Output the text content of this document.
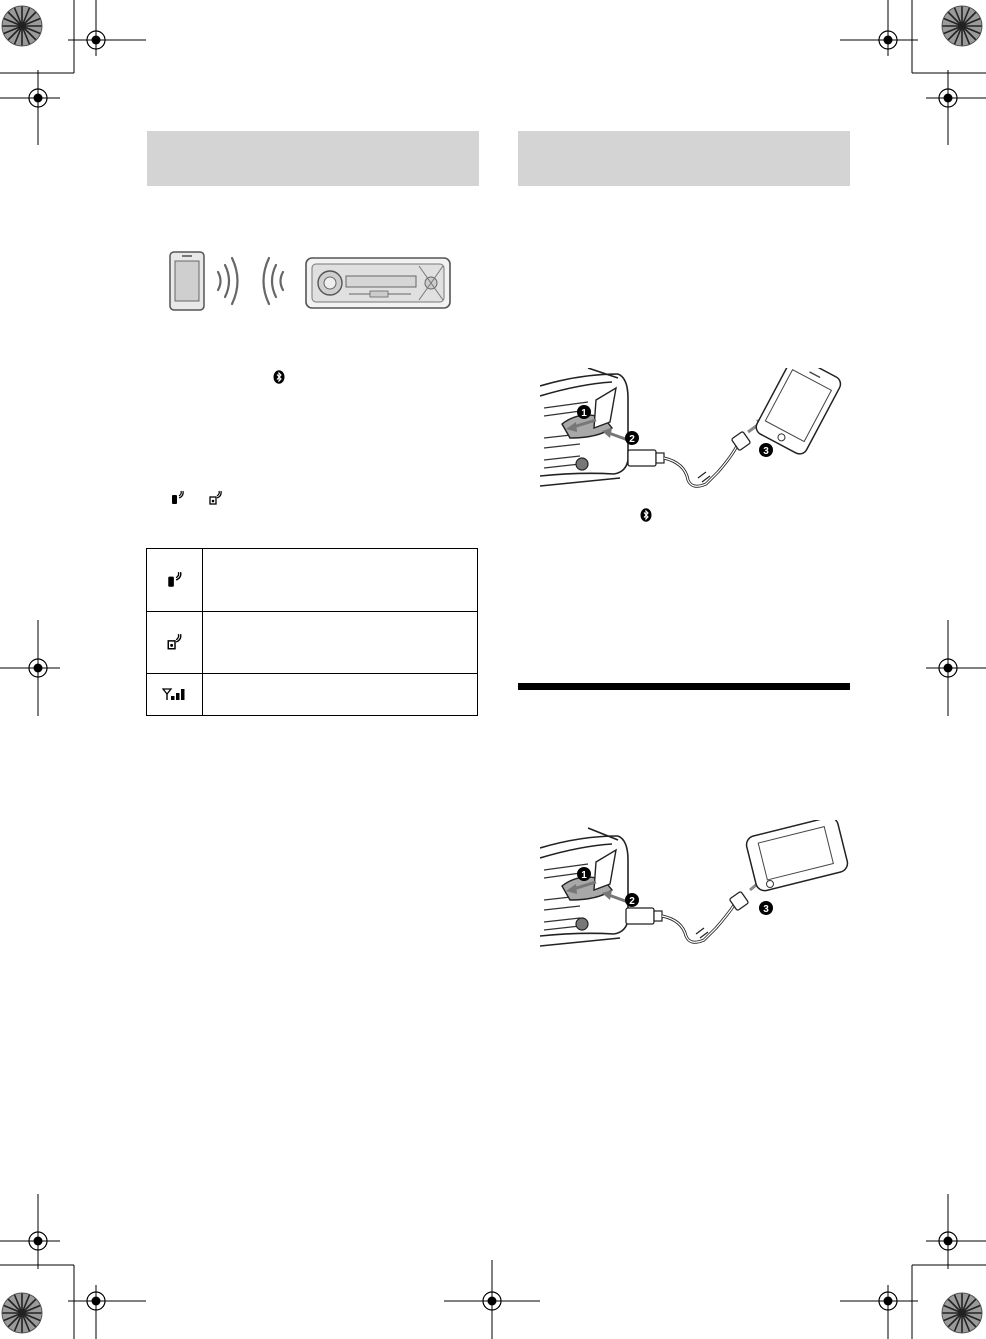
1
2
3
1
2
3
